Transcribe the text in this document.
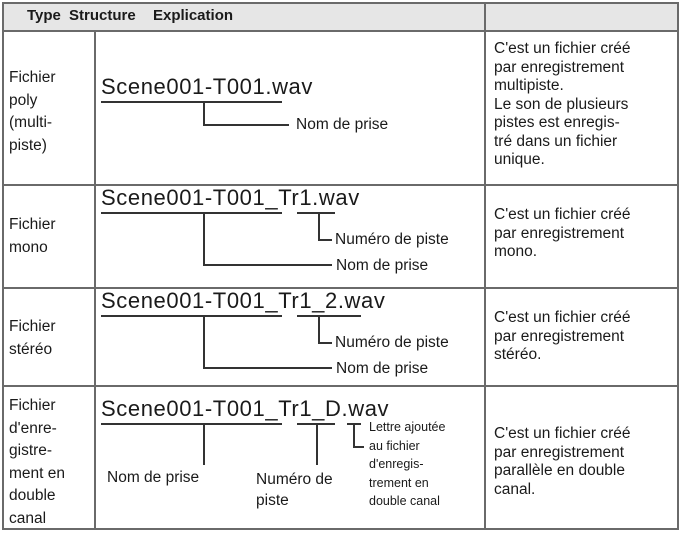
Type Structure Explication
Fichier
poly
(multi-
piste)
Scene001-T001.wav
Nom de prise
C'est un fichier créé
par enregistrement
multipiste.
Le son de plusieurs
pistes est enregis-
tré dans un fichier
unique.
Fichier
mono
Scene001-T001_Tr1.wav
Numéro de piste
Nom de prise
C'est un fichier créé
par enregistrement
mono.
Fichier
stéréo
Scene001-T001_Tr1_2.wav
Numéro de piste
Nom de prise
C'est un fichier créé
par enregistrement
stéréo.
Fichier
d'enre-
gistre-
ment en
double
canal
Scene001-T001_Tr1_D.wav
Nom de prise	Numéro de
piste
Lettre ajoutée
au fichier
d'enregis-
trement en
double canal
C'est un fichier créé
par enregistrement
parallèle en double
canal.
